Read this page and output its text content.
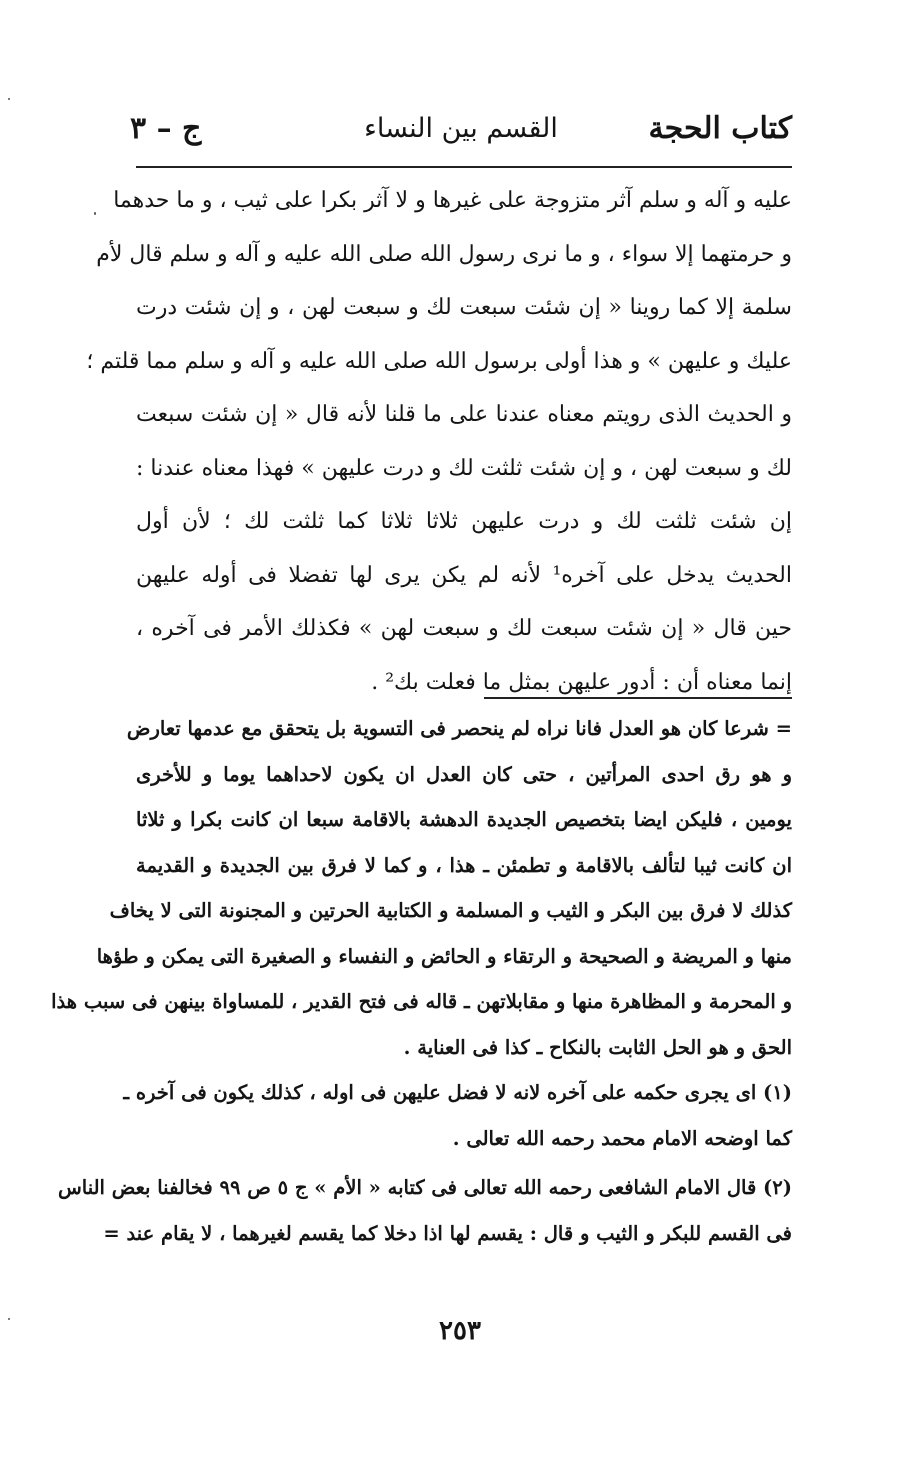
كتاب الحجة
القسم بين النساء
ج – ٣
عليه و آله و سلم آثر متزوجة على غيرها و لا آثر بكرا على ثيب ، و ما حدهما
و حرمتهما إلا سواء ، و ما نرى رسول الله صلى الله عليه و آله و سلم قال لأم
سلمة إلا كما روينا « إن شئت سبعت لك و سبعت لهن ، و إن شئت درت
عليك و عليهن » و هذا أولى برسول الله صلى الله عليه و آله و سلم مما قلتم ؛
و الحديث الذى رويتم معناه عندنا على ما قلنا لأنه قال « إن شئت سبعت
لك و سبعت لهن ، و إن شئت ثلثت لك و درت عليهن » فهذا معناه عندنا :
إن شئت ثلثت لك و درت عليهن ثلاثا ثلاثا كما ثلثت لك ؛ لأن أول
الحديث يدخل على آخره¹ لأنه لم يكن يرى لها تفضلا فى أوله عليهن
حين قال « إن شئت سبعت لك و سبعت لهن » فكذلك الأمر فى آخره ،
إنما معناه أن : أدور عليهن بمثل ما فعلت بك² .
= شرعا كان هو العدل فانا نراه لم ينحصر فى التسوية بل يتحقق مع عدمها تعارض
و هو رق احدى المرأتين ، حتى كان العدل ان يكون لاحداهما يوما و للأخرى
يومين ، فليكن ايضا بتخصيص الجديدة الدهشة بالاقامة سبعا ان كانت بكرا و ثلاثا
ان كانت ثيبا لتألف بالاقامة و تطمئن ـ هذا ، و كما لا فرق بين الجديدة و القديمة
كذلك لا فرق بين البكر و الثيب و المسلمة و الكتابية الحرتين و المجنونة التى لا يخاف
منها و المريضة و الصحيحة و الرتقاء و الحائض و النفساء و الصغيرة التى يمكن و طؤها
و المحرمة و المظاهرة منها و مقابلاتهن ـ قاله فى فتح القدير ، للمساواة بينهن فى سبب هذا
الحق و هو الحل الثابت بالنكاح ـ كذا فى العناية .
(١) اى يجرى حكمه على آخره لانه لا فضل عليهن فى اوله ، كذلك يكون فى آخره ـ
كما اوضحه الامام محمد رحمه الله تعالى .
(٢) قال الامام الشافعى رحمه الله تعالى فى كتابه « الأم » ج ٥ ص ٩٩ فخالفنا بعض الناس
فى القسم للبكر و الثيب و قال : يقسم لها اذا دخلا كما يقسم لغيرهما ، لا يقام عند =
٢٥٣
